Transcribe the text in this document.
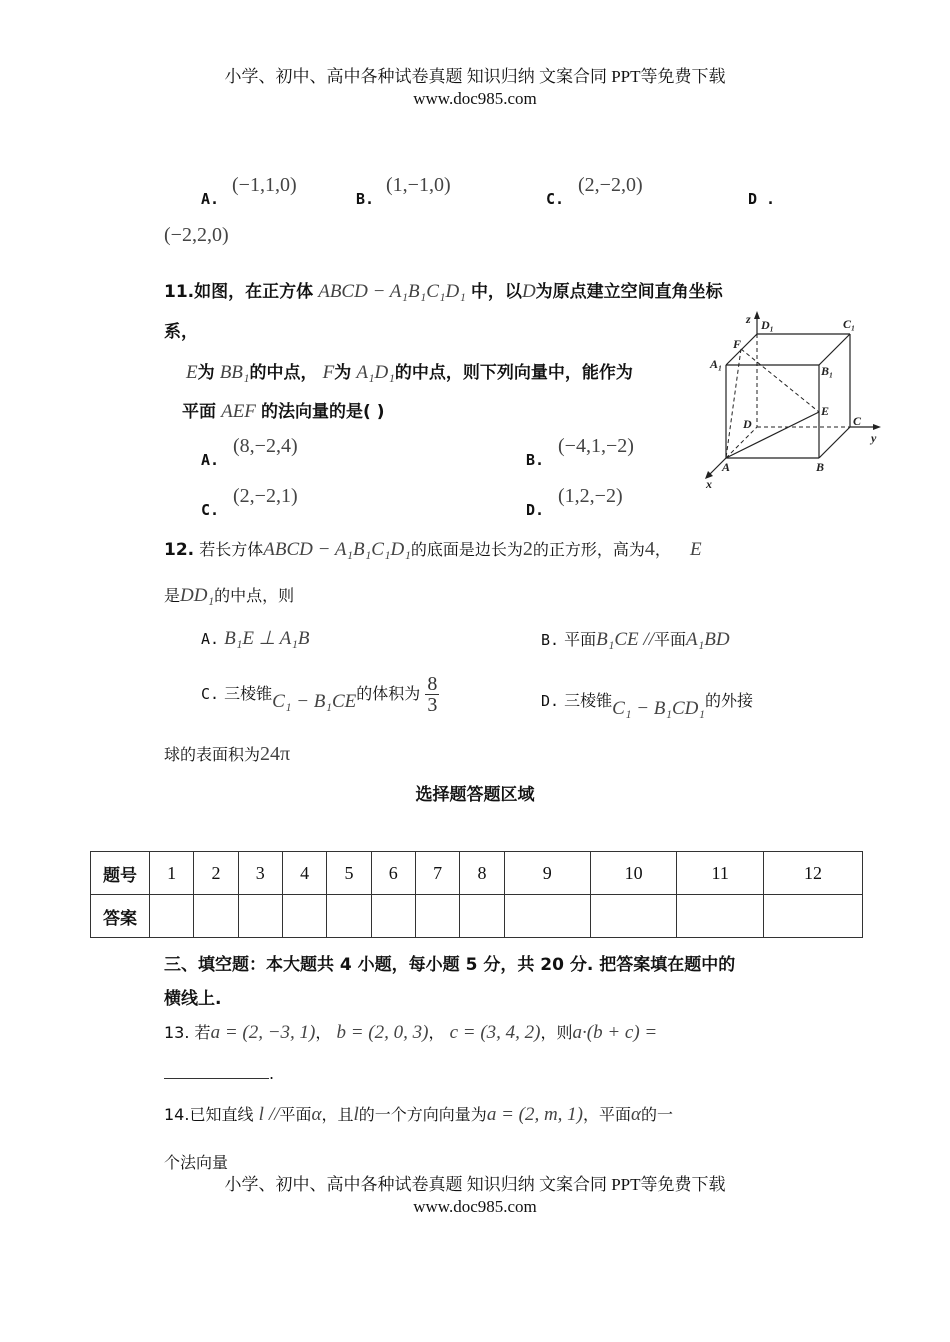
小学、初中、高中各种试卷真题 知识归纳 文案合同 PPT等免费下载
www.doc985.com
A.
(−1,1,0)
B.
(1,−1,0)
C.
(2,−2,0)
D .
(−2,2,0)
11.如图，在正方体 ABCD − A₁B₁C₁D₁ 中，以D为原点建立空间直角坐标
系，
E为 BB₁的中点， F为 A₁D₁的中点，则下列向量中，能作为
平面 AEF 的法向量的是( )
A.
(8,−2,4)
B.
(−4,1,−2)
C.
(2,−2,1)
D.
(1,2,−2)
z D₁	C₁
F
A₁	B₁
E
D	C
y
A	B
x
12. 若长方体ABCD − A₁B₁C₁D₁的底面是边长为2的正方形，高为4， E
是DD₁的中点，则
A. B₁E ⊥ A₁B	B. 平面B₁CE //平面A₁BD
C. 三棱锥C₁ − B₁CE的体积为 $\frac{8}{3}$	D. 三棱锥C₁ − B₁CD₁的外接
球的表面积为24π
选择题答题区域
题号	1	2	3	4	5	6	7	8	9	10	11	12
答案												
三、填空题：本大题共 4 小题，每小题 5 分，共 20 分. 把答案填在题中的
横线上.
13. 若a = (2, −3, 1)， b = (2, 0, 3)， c = (3, 4, 2)，则a·(b + c) =
.
14.已知直线 l //平面α，且l的一个方向向量为a = (2, m, 1)，平面α的一
个法向量
小学、初中、高中各种试卷真题 知识归纳 文案合同 PPT等免费下载
www.doc985.com
